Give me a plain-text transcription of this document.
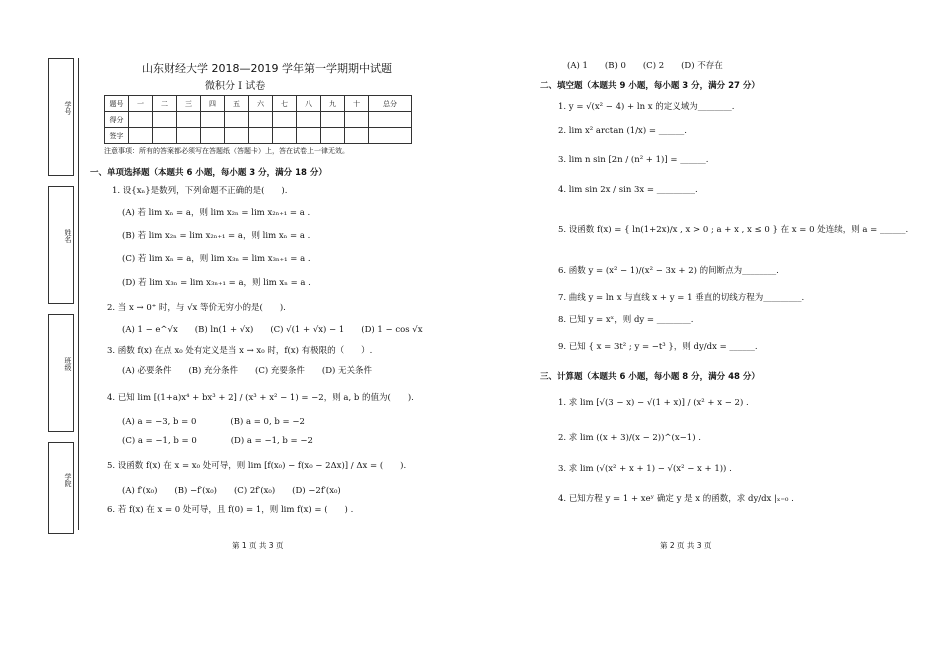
学号
姓名
班级
学院
山东财经大学 2018—2019 学年第一学期期中试题
微积分 I 试卷
题号	一	二	三	四	五	六	七	八	九	十	总分
得分											
签字											
注意事项：所有的答案都必须写在答题纸（答题卡）上，答在试卷上一律无效。
一、单项选择题（本题共 6 小题，每小题 3 分，满分 18 分）
1. 设{xₙ}是数列，下列命题不正确的是(　　).
(A) 若 lim xₙ = a，则 lim x₂ₙ = lim x₂ₙ₊₁ = a .
(B) 若 lim x₂ₙ = lim x₂ₙ₊₁ = a，则 lim xₙ = a .
(C) 若 lim xₙ = a，则 lim x₃ₙ = lim x₃ₙ₊₁ = a .
(D) 若 lim x₃ₙ = lim x₃ₙ₊₁ = a，则 lim xₙ = a .
2. 当 x → 0⁺ 时，与 √x 等价无穷小的是(　　).
(A) 1 − e^√x　　(B) ln(1 + √x)　　(C) √(1 + √x) − 1　　(D) 1 − cos √x
3. 函数 f(x) 在点 x₀ 处有定义是当 x → x₀ 时，f(x) 有极限的（　　）.
(A) 必要条件　　(B) 充分条件　　(C) 充要条件　　(D) 无关条件
4. 已知 lim [(1+a)x⁴ + bx³ + 2] / (x³ + x² − 1) = −2，则 a, b 的值为(　　).
(A) a = −3, b = 0　　　　(B) a = 0, b = −2
(C) a = −1, b = 0　　　　(D) a = −1, b = −2
5. 设函数 f(x) 在 x = x₀ 处可导，则 lim [f(x₀) − f(x₀ − 2Δx)] / Δx = (　　).
(A) f′(x₀)　　(B) −f′(x₀)　　(C) 2f′(x₀)　　(D) −2f′(x₀)
6. 若 f(x) 在 x = 0 处可导，且 f(0) = 1，则 lim f(x) = (　　) .
(A) 1　　(B) 0　　(C) 2　　(D) 不存在
二、填空题（本题共 9 小题，每小题 3 分，满分 27 分）
1. y = √(x² − 4) + ln x 的定义域为________.
2. lim x² arctan (1/x) = ______.
3. lim n sin [2n / (n² + 1)] = ______.
4. lim sin 2x / sin 3x = _________.
5. 设函数 f(x) = { ln(1+2x)/x , x > 0 ; a + x , x ≤ 0 } 在 x = 0 处连续，则 a = ______.
6. 函数 y = (x² − 1)/(x² − 3x + 2) 的间断点为________.
7. 曲线 y = ln x 与直线 x + y = 1 垂直的切线方程为_________.
8. 已知 y = xˣ，则 dy = ________.
9. 已知 { x = 3t² ; y = −t³ }，则 dy/dx = ______.
三、计算题（本题共 6 小题，每小题 8 分，满分 48 分）
1. 求 lim [√(3 − x) − √(1 + x)] / (x² + x − 2) .
2. 求 lim ((x + 3)/(x − 2))^(x−1) .
3. 求 lim (√(x² + x + 1) − √(x² − x + 1)) .
4. 已知方程 y = 1 + xeʸ 确定 y 是 x 的函数，求 dy/dx |ₓ₌₀ .
第 1 页 共 3 页	第 2 页 共 3 页
